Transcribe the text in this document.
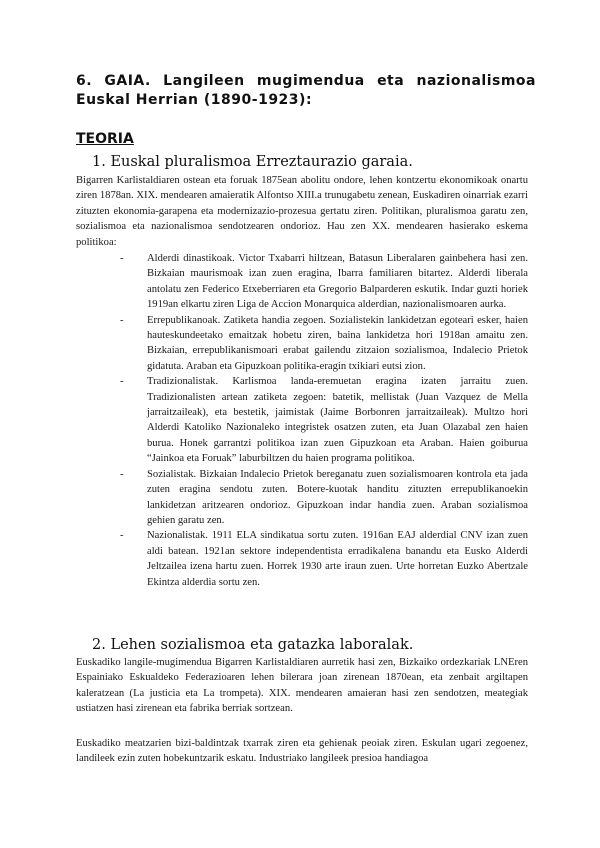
6. GAIA. Langileen mugimendua eta nazionalismoa Euskal Herrian (1890-1923):
TEORIA
1. Euskal pluralismoa Erreztaurazio garaia.

Bigarren Karlistaldiaren ostean eta foruak 1875ean abolitu ondore, lehen kontzertu ekonomikoak onartu ziren 1878an. XIX. mendearen amaieratik Alfontso XIII.a trunugabetu zenean, Euskadiren oinarriak ezarri zituzten ekonomia-garapena eta modernizazio-prozesua gertatu ziren. Politikan, pluralismoa garatu zen, sozialismoa eta nazionalismoa sendotzearen ondorioz. Hau zen XX. mendearen hasierako eskema politikoa:

- Alderdi dinastikoak. Victor Txabarri hiltzean, Batasun Liberalaren gainbehera hasi zen. Bizkaian maurismoak izan zuen eragina, Ibarra familiaren bitartez. Alderdi liberala antolatu zen Federico Etxeberriaren eta Gregorio Balparderen eskutik. Indar guzti horiek 1919an elkartu ziren Liga de Accion Monarquica alderdian, nazionalismoaren aurka.
- Errepublikanoak. Zatiketa handia zegoen. Sozialistekin lankidetzan egoteari esker, haien hauteskundeetako emaitzak hobetu ziren, baina lankidetza hori 1918an amaitu zen. Bizkaian, errepublikanismoari erabat gailendu zitzaion sozialismoa, Indalecio Prietok gidatuta. Araban eta Gipuzkoan politika-eragin txikiari eutsi zion.
- Tradizionalistak. Karlismoa landa-eremuetan eragina izaten jarraitu zuen. Tradizionalisten artean zatiketa zegoen: batetik, mellistak (Juan Vazquez de Mella jarraitzaileak), eta bestetik, jaimistak (Jaime Borbonren jarraitzaileak). Multzo hori Alderdi Katoliko Nazionaleko integristek osatzen zuten, eta Juan Olazabal zen haien burua. Honek garrantzi politikoa izan zuen Gipuzkoan eta Araban. Haien goiburua “Jainkoa eta Foruak” laburbiltzen du haien programa politikoa.
- Sozialistak. Bizkaian Indalecio Prietok bereganatu zuen sozialismoaren kontrola eta jada zuten eragina sendotu zuten. Botere-kuotak handitu zituzten errepublikanoekin lankidetzan aritzearen ondorioz. Gipuzkoan indar handia zuen. Araban sozialismoa gehien garatu zen.
- Nazionalistak. 1911 ELA sindikatua sortu zuten. 1916an EAJ alderdial CNV izan zuen aldi batean. 1921an sektore independentista erradikalena banandu eta Eusko Alderdi Jeltzailea izena hartu zuen. Horrek 1930 arte iraun zuen. Urte horretan Euzko Abertzale Ekintza alderdia sortu zen.
2. Lehen sozialismoa eta gatazka laboralak.

Euskadiko langile-mugimendua Bigarren Karlistaldiaren aurretik hasi zen, Bizkaiko ordezkariak LNEren Espainiako Eskualdeko Federazioaren lehen bilerara joan zirenean 1870ean, eta zenbait argiltapen kaleratzean (La justicia eta La trompeta). XIX. mendearen amaieran hasi zen sendotzen, meategiak ustiatzen hasi zirenean eta fabrika berriak sortzean.

Euskadiko meatzarien bizi-baldintzak txarrak ziren eta gehienak peoiak ziren. Eskulan ugari zegoenez, landileek ezin zuten hobekuntzarik eskatu. Industriako langileek presioa handiagoa
